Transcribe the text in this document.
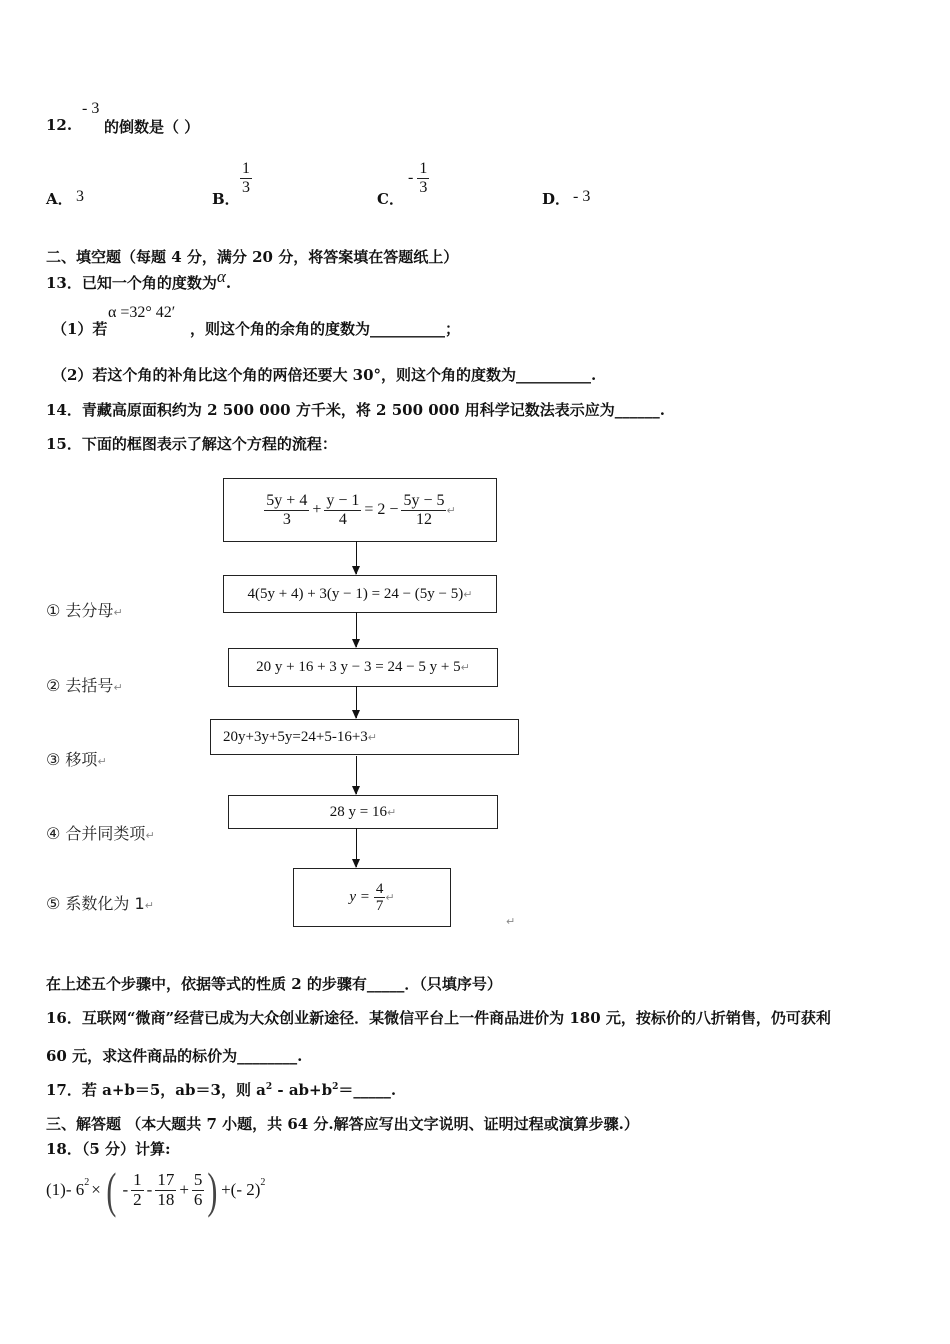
12.
- 3
的倒数是（ ）
A． 3	B．
$\frac{1}{3}$
C．
- $\frac{1}{3}$
D． - 3
二、填空题（每题 4 分，满分 20 分，将答案填在答题纸上）
13．已知一个角的度数为α.
（1）若
α =32° 42′
，则这个角的余角的度数为__________；
（2）若这个角的补角比这个角的两倍还要大 30°，则这个角的度数为__________.
14．青藏高原面积约为 2 500 000 方千米，将 2 500 000 用科学记数法表示应为______.
15．下面的框图表示了解这个方程的流程：
$\frac{5y + 4}{3} + \frac{y - 1}{4} = 2 - \frac{5y - 5}{12}$ ↵
4(5y + 4) + 3(y − 1) = 24 − (5y − 5) ↵
20 y + 16 + 3 y − 3 = 24 − 5 y + 5 ↵
20y+3y+5y=24+5-16+3 ↵
28 y = 16 ↵
$y = \frac{4}{7}$ ↵
↵
① 去分母↵
② 去括号↵
③ 移项↵
④ 合并同类项↵
⑤ 系数化为 1↵
在上述五个步骤中，依据等式的性质 2 的步骤有_____．（只填序号）
16．互联网“微商”经营已成为大众创业新途径．某微信平台上一件商品进价为 180 元，按标价的八折销售，仍可获利
60 元，求这件商品的标价为________.
17．若 a+b＝5，ab＝3，则 $a^2$ - $ab+b^2=\_\_\_\_\_$.
三、解答题 （本大题共 7 小题，共 64 分.解答应写出文字说明、证明过程或演算步骤.）
18．（5 分）计算:
(1)- $6^2$ × ( - $\frac{1}{2} - \frac{17}{18} + \frac{5}{6}$ ) +(- 2)$^2$
